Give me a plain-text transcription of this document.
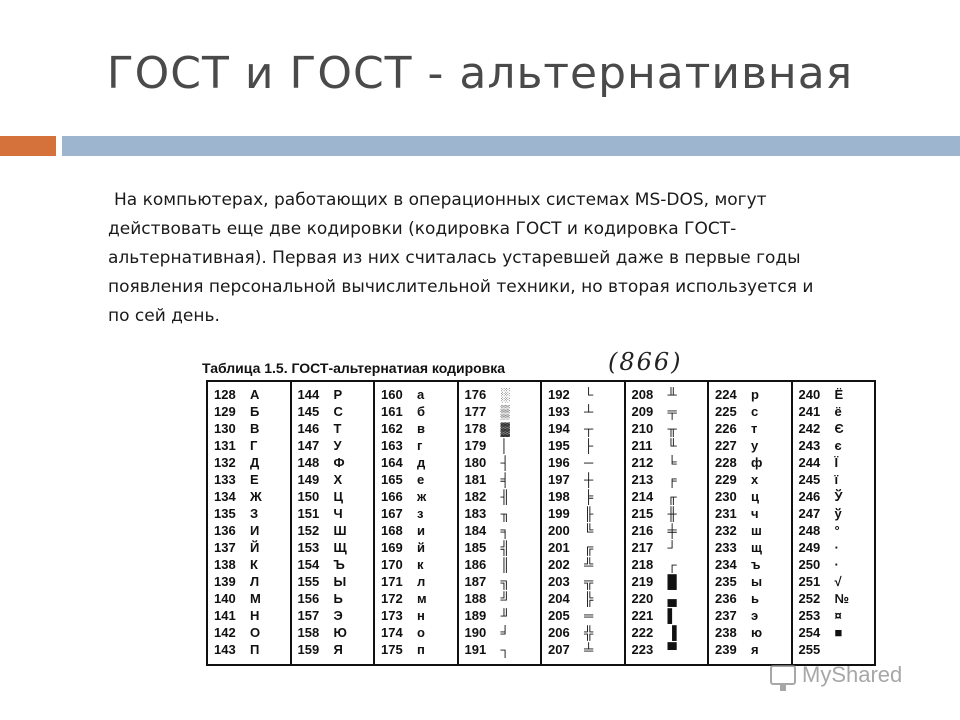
ГОСТ и ГОСТ - альтернативная
На компьютерах, работающих в операционных системах MS-DOS, могут
действовать еще две кодировки (кодировка ГОСТ и кодировка ГОСТ-
альтернативная). Первая из них считалась устаревшей даже в первые годы
появления персональной вычислительной техники, но вторая используется и
по сей день.
Таблица 1.5. ГОСТ-альтернатиая кодировка	(866)
128	А
129	Б
130	В
131	Г
132	Д
133	Е
134	Ж
135	З
136	И
137	Й
138	К
139	Л
140	М
141	Н
142	О
143	П
144	Р
145	С
146	Т
147	У
148	Ф
149	Х
150	Ц
151	Ч
152	Ш
153	Щ
154	Ъ
155	Ы
156	Ь
157	Э
158	Ю
159	Я
160	а
161	б
162	в
163	г
164	д
165	е
166	ж
167	з
168	и
169	й
170	к
171	л
172	м
173	н
174	о
175	п
176	░
177	▒
178	▓
179	│
180	┤
181	╡
182	╢
183	╖
184	╕
185	╣
186	║
187	╗
188	╝
189	╜
190	╛
191	┐
192	└
193	┴
194	┬
195	├
196	─
197	┼
198	╞
199	╟
200	╚
201	╔
202	╩
203	╦
204	╠
205	═
206	╬
207	╧
208	╨
209	╤
210	╥
211	╙
212	╘
213	╒
214	╓
215	╫
216	╪
217	┘
218	┌
219	█
220	▄
221	▌
222	▐
223	▀
224	р
225	с
226	т
227	у
228	ф
229	х
230	ц
231	ч
232	ш
233	щ
234	ъ
235	ы
236	ь
237	э
238	ю
239	я
240	Ё
241	ё
242	Є
243	є
244	Ї
245	ї
246	Ў
247	ў
248	°
249	∙
250	·
251	√
252	№
253	¤
254	■
255
MyShared
